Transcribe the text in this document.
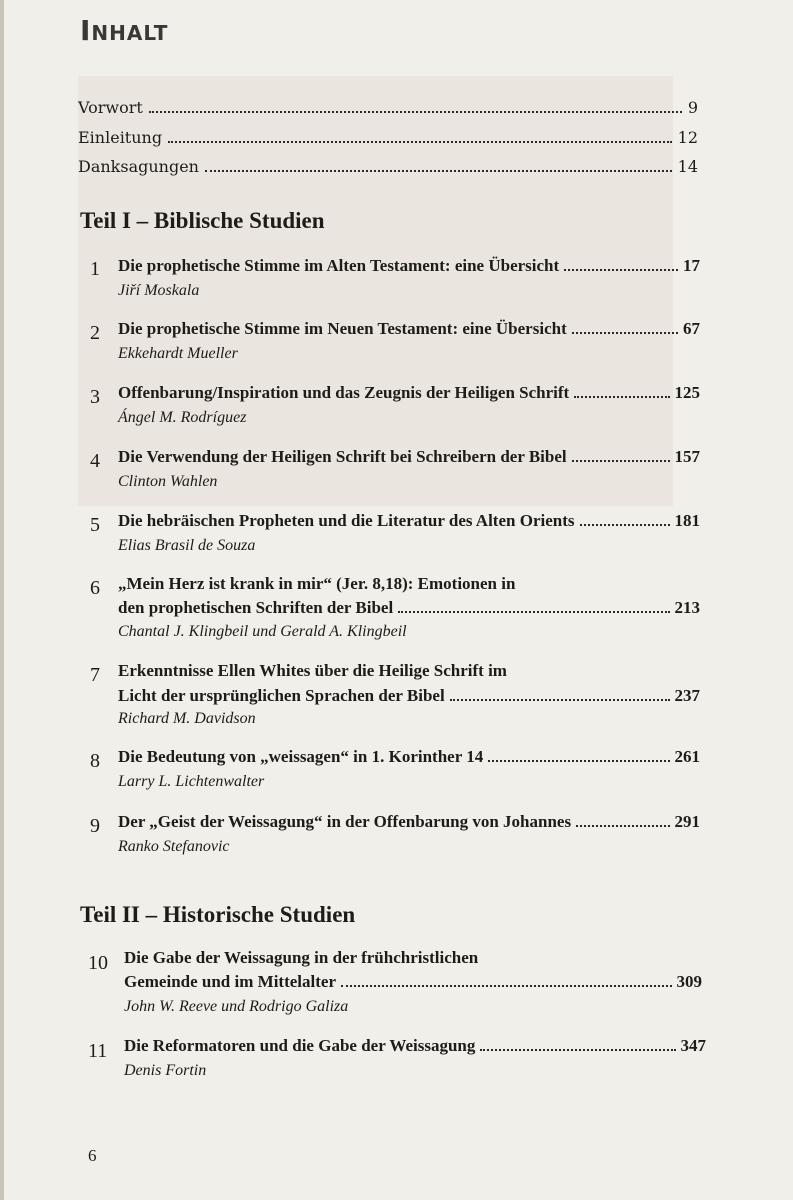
Inhalt
Vorwort	9
Einleitung	12
Danksagungen	14
Teil I – Biblische Studien
1 Die prophetische Stimme im Alten Testament: eine Übersicht	17
Jiří Moskala
2 Die prophetische Stimme im Neuen Testament: eine Übersicht	67
Ekkehardt Mueller
3 Offenbarung/Inspiration und das Zeugnis der Heiligen Schrift	125
Ángel M. Rodríguez
4 Die Verwendung der Heiligen Schrift bei Schreibern der Bibel	157
Clinton Wahlen
5 Die hebräischen Propheten und die Literatur des Alten Orients	181
Elias Brasil de Souza
6 „Mein Herz ist krank in mir“ (Jer. 8,18): Emotionen in
den prophetischen Schriften der Bibel	213
Chantal J. Klingbeil und Gerald A. Klingbeil
7 Erkenntnisse Ellen Whites über die Heilige Schrift im
Licht der ursprünglichen Sprachen der Bibel	237
Richard M. Davidson
8 Die Bedeutung von „weissagen“ in 1. Korinther 14	261
Larry L. Lichtenwalter
9 Der „Geist der Weissagung“ in der Offenbarung von Johannes	291
Ranko Stefanovic
Teil II – Historische Studien
10 Die Gabe der Weissagung in der frühchristlichen
Gemeinde und im Mittelalter	309
John W. Reeve und Rodrigo Galiza
11 Die Reformatoren und die Gabe der Weissagung	347
Denis Fortin
6
